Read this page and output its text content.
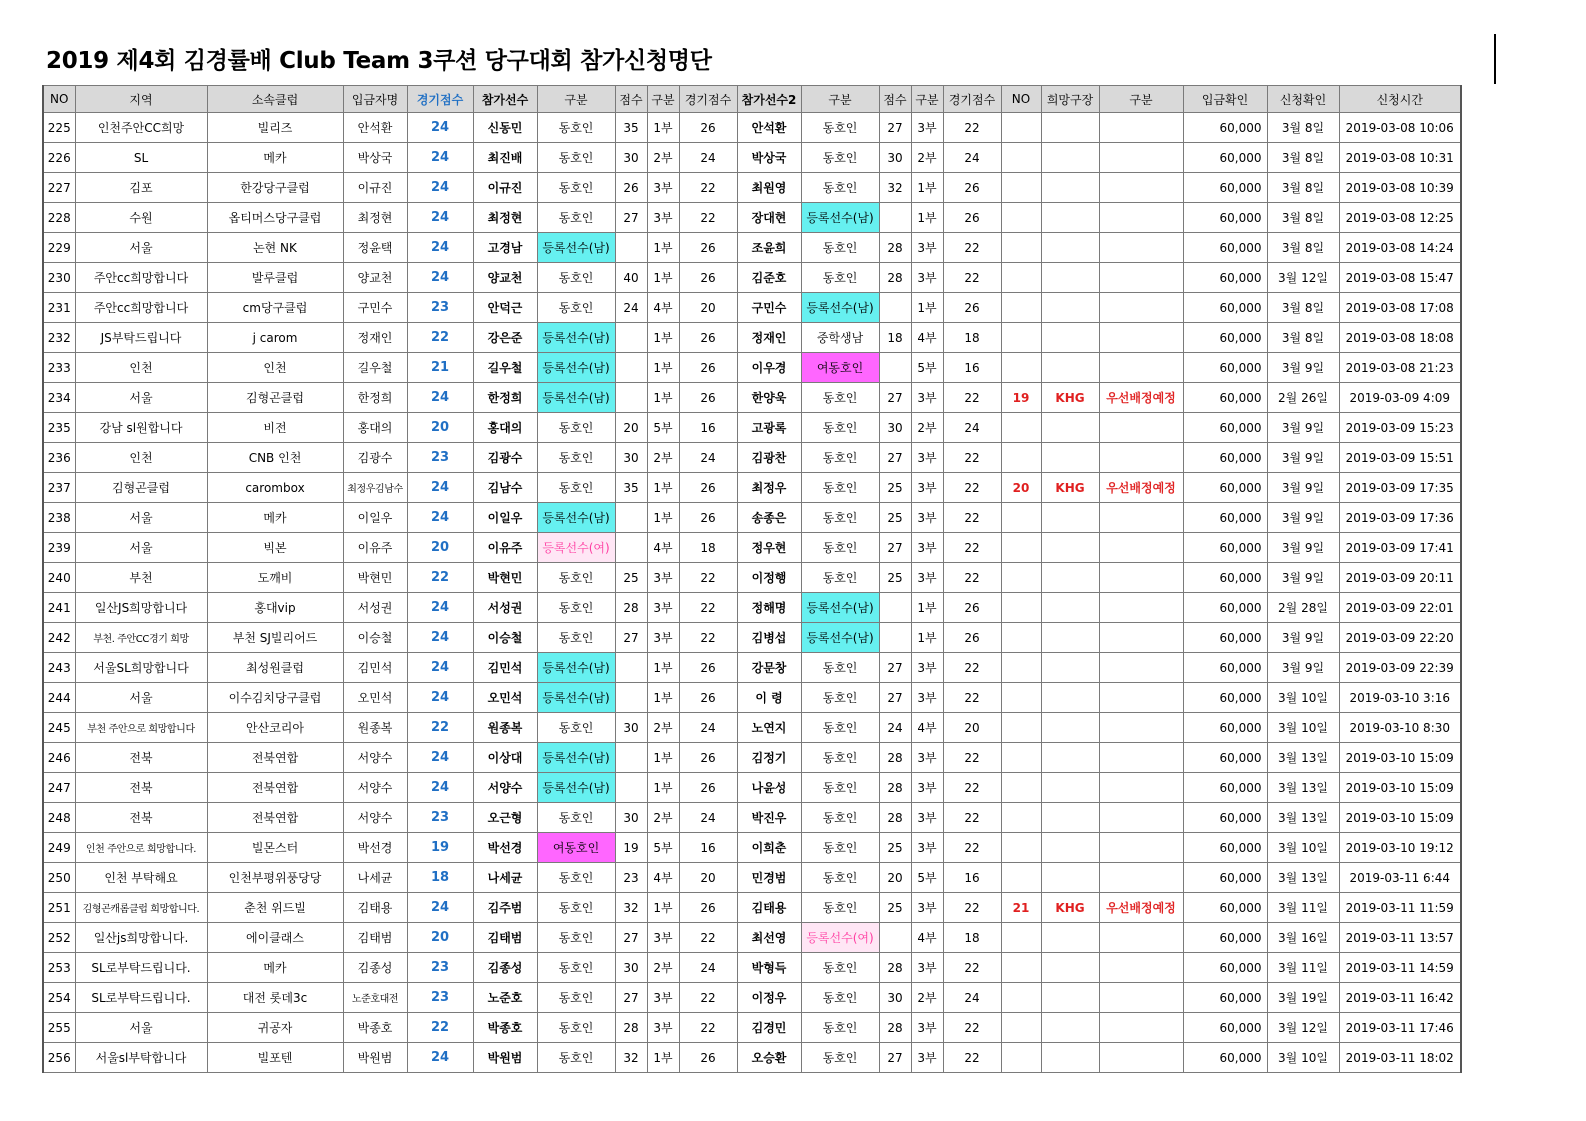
2019 제4회 김경률배 Club Team 3쿠션 당구대회 참가신청명단
NO	지역	소속클럽	입금자명	경기점수	참가선수	구분	점수	구분	경기점수	참가선수2	구분	점수	구분	경기점수	NO	희망구장	구분	입금확인	신청확인	신청시간
225	인천주안CC희망	빌리즈	안석환	24	신동민	동호인	35	1부	26	안석환	동호인	27	3부	22				60,000	3월 8일	2019-03-08 10:06
226	SL	메카	박상국	24	최진배	동호인	30	2부	24	박상국	동호인	30	2부	24				60,000	3월 8일	2019-03-08 10:31
227	김포	한강당구클럽	이규진	24	이규진	동호인	26	3부	22	최원영	동호인	32	1부	26				60,000	3월 8일	2019-03-08 10:39
228	수원	옵티머스당구클럽	최정현	24	최정현	동호인	27	3부	22	장대현	등록선수(남)		1부	26				60,000	3월 8일	2019-03-08 12:25
229	서울	논현 NK	정윤택	24	고경남	등록선수(남)		1부	26	조윤희	동호인	28	3부	22				60,000	3월 8일	2019-03-08 14:24
230	주안cc희망합니다	발루클럽	양교천	24	양교천	동호인	40	1부	26	김준호	동호인	28	3부	22				60,000	3월 12일	2019-03-08 15:47
231	주안cc희망합니다	cm당구클럽	구민수	23	안덕근	동호인	24	4부	20	구민수	등록선수(남)		1부	26				60,000	3월 8일	2019-03-08 17:08
232	JS부탁드립니다	j carom	정재인	22	강은준	등록선수(남)		1부	26	정재인	중학생남	18	4부	18				60,000	3월 8일	2019-03-08 18:08
233	인천	인천	길우철	21	길우철	등록선수(남)		1부	26	이우경	여동호인		5부	16				60,000	3월 9일	2019-03-08 21:23
234	서울	김형곤클럽	한정희	24	한정희	등록선수(남)		1부	26	한양욱	동호인	27	3부	22	19	KHG	우선배정예정	60,000	2월 26일	2019-03-09 4:09
235	강남 sl원합니다	비전	홍대의	20	홍대의	동호인	20	5부	16	고광록	동호인	30	2부	24				60,000	3월 9일	2019-03-09 15:23
236	인천	CNB 인천	김광수	23	김광수	동호인	30	2부	24	김광찬	동호인	27	3부	22				60,000	3월 9일	2019-03-09 15:51
237	김형곤클럽	carombox	최정우김남수	24	김남수	동호인	35	1부	26	최정우	동호인	25	3부	22	20	KHG	우선배정예정	60,000	3월 9일	2019-03-09 17:35
238	서울	메카	이일우	24	이일우	등록선수(남)		1부	26	송종은	동호인	25	3부	22				60,000	3월 9일	2019-03-09 17:36
239	서울	빅본	이유주	20	이유주	등록선수(여)		4부	18	정우현	동호인	27	3부	22				60,000	3월 9일	2019-03-09 17:41
240	부천	도깨비	박현민	22	박현민	동호인	25	3부	22	이정행	동호인	25	3부	22				60,000	3월 9일	2019-03-09 20:11
241	일산JS희망합니다	홍대vip	서성권	24	서성권	동호인	28	3부	22	정해명	등록선수(남)		1부	26				60,000	2월 28일	2019-03-09 22:01
242	부천. 주안CC경기 희망	부천 SJ빌리어드	이승철	24	이승철	동호인	27	3부	22	김병섭	등록선수(남)		1부	26				60,000	3월 9일	2019-03-09 22:20
243	서울SL희망합니다	최성원클럽	김민석	24	김민석	등록선수(남)		1부	26	강문창	동호인	27	3부	22				60,000	3월 9일	2019-03-09 22:39
244	서울	이수김치당구클럽	오민석	24	오민석	등록선수(남)		1부	26	이 령	동호인	27	3부	22				60,000	3월 10일	2019-03-10 3:16
245	부천 주안으로 희망합니다	안산코리아	원종복	22	원종복	동호인	30	2부	24	노연지	동호인	24	4부	20				60,000	3월 10일	2019-03-10 8:30
246	전북	전북연합	서양수	24	이상대	등록선수(남)		1부	26	김정기	동호인	28	3부	22				60,000	3월 13일	2019-03-10 15:09
247	전북	전북연합	서양수	24	서양수	등록선수(남)		1부	26	나윤성	동호인	28	3부	22				60,000	3월 13일	2019-03-10 15:09
248	전북	전북연합	서양수	23	오근형	동호인	30	2부	24	박진우	동호인	28	3부	22				60,000	3월 13일	2019-03-10 15:09
249	인천 주안으로 희망합니다.	빌몬스터	박선경	19	박선경	여동호인	19	5부	16	이희춘	동호인	25	3부	22				60,000	3월 10일	2019-03-10 19:12
250	인천 부탁해요	인천부평위풍당당	나세균	18	나세균	동호인	23	4부	20	민경범	동호인	20	5부	16				60,000	3월 13일	2019-03-11 6:44
251	김형곤캐롬클럽 희망합니다.	춘천 위드빌	김태용	24	김주범	동호인	32	1부	26	김태용	동호인	25	3부	22	21	KHG	우선배정예정	60,000	3월 11일	2019-03-11 11:59
252	일산js희망합니다.	에이클래스	김태범	20	김태범	동호인	27	3부	22	최선영	등록선수(여)		4부	18				60,000	3월 16일	2019-03-11 13:57
253	SL로부탁드립니다.	메카	김종성	23	김종성	동호인	30	2부	24	박형득	동호인	28	3부	22				60,000	3월 11일	2019-03-11 14:59
254	SL로부탁드립니다.	대전 롯데3c	노준호대전	23	노준호	동호인	27	3부	22	이정우	동호인	30	2부	24				60,000	3월 19일	2019-03-11 16:42
255	서울	귀공자	박종호	22	박종호	동호인	28	3부	22	김경민	동호인	28	3부	22				60,000	3월 12일	2019-03-11 17:46
256	서울sl부탁합니다	빌포텐	박원범	24	박원범	동호인	32	1부	26	오승환	동호인	27	3부	22				60,000	3월 10일	2019-03-11 18:02
